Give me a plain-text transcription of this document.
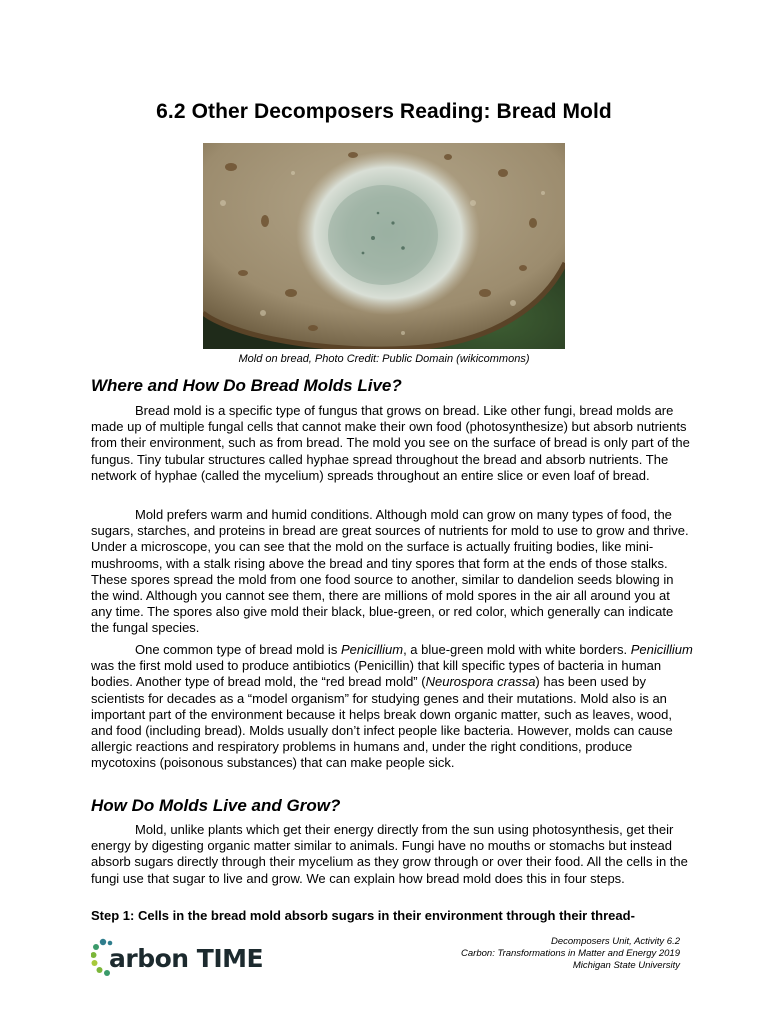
6.2 Other Decomposers Reading: Bread Mold
Mold on bread, Photo Credit: Public Domain (wikicommons)
Where and How Do Bread Molds Live?

Bread mold is a specific type of fungus that grows on bread. Like other fungi, bread molds are made up of multiple fungal cells that cannot make their own food (photosynthesize) but absorb nutrients from their environment, such as from bread. The mold you see on the surface of bread is only part of the fungus. Tiny tubular structures called hyphae spread throughout the bread and absorb nutrients. The network of hyphae (called the mycelium) spreads throughout an entire slice or even loaf of bread.

Mold prefers warm and humid conditions. Although mold can grow on many types of food, the sugars, starches, and proteins in bread are great sources of nutrients for mold to use to grow and thrive. Under a microscope, you can see that the mold on the surface is actually fruiting bodies, like mini-mushrooms, with a stalk rising above the bread and tiny spores that form at the ends of those stalks. These spores spread the mold from one food source to another, similar to dandelion seeds blowing in the wind. Although you cannot see them, there are millions of mold spores in the air all around you at any time. The spores also give mold their black, blue-green, or red color, which generally can indicate the fungal species.

One common type of bread mold is Penicillium, a blue-green mold with white borders. Penicillium was the first mold used to produce antibiotics (Penicillin) that kill specific types of bacteria in human bodies. Another type of bread mold, the “red bread mold” (Neurospora crassa) has been used by scientists for decades as a “model organism” for studying genes and their mutations. Mold also is an important part of the environment because it helps break down organic matter, such as leaves, wood, and food (including bread). Molds usually don’t infect people like bacteria. However, molds can cause allergic reactions and respiratory problems in humans and, under the right conditions, produce mycotoxins (poisonous substances) that can make people sick.

How Do Molds Live and Grow?

Mold, unlike plants which get their energy directly from the sun using photosynthesis, get their energy by digesting organic matter similar to animals. Fungi have no mouths or stomachs but instead absorb sugars directly through their mycelium as they grow through or over their food. All the cells in the fungi use that sugar to live and grow. We can explain how bread mold does this in four steps.

Step 1: Cells in the bread mold absorb sugars in their environment through their thread-

arbon TIME
Decomposers Unit, Activity 6.2
Carbon: Transformations in Matter and Energy 2019
Michigan State University
